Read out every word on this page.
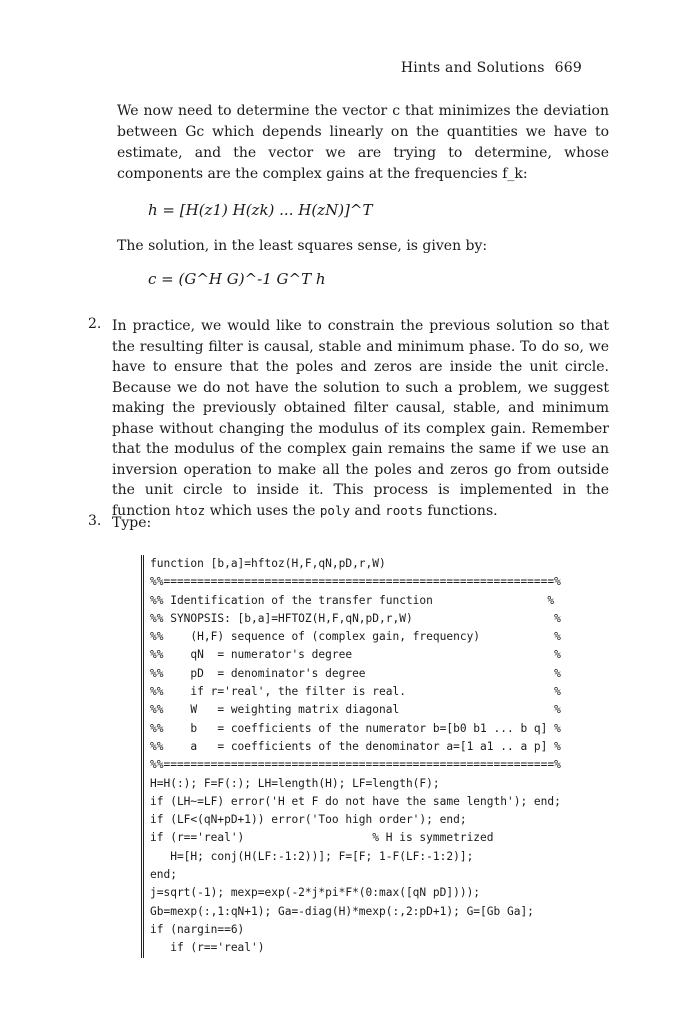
Hints and Solutions 669
We now need to determine the vector c that minimizes the deviation between Gc which depends linearly on the quantities we have to estimate, and the vector we are trying to determine, whose components are the complex gains at the frequencies f_k:
h = [H(z1) H(zk) ... H(zN)]^T
The solution, in the least squares sense, is given by:
c = (G^H G)^-1 G^T h
2. In practice, we would like to constrain the previous solution so that the resulting filter is causal, stable and minimum phase. To do so, we have to ensure that the poles and zeros are inside the unit circle. Because we do not have the solution to such a problem, we suggest making the previously obtained filter causal, stable, and minimum phase without changing the modulus of its complex gain. Remember that the modulus of the complex gain remains the same if we use an inversion operation to make all the poles and zeros go from outside the unit circle to inside it. This process is implemented in the function htoz which uses the poly and roots functions.
3. Type:
function [b,a]=hftoz(H,F,qN,pD,r,W)
%%==========================================================%
%% Identification of the transfer function                 %
%% SYNOPSIS: [b,a]=HFTOZ(H,F,qN,pD,r,W)                     %
%%    (H,F) sequence of (complex gain, frequency)           %
%%    qN  = numerator's degree                              %
%%    pD  = denominator's degree                            %
%%    if r='real', the filter is real.                      %
%%    W   = weighting matrix diagonal                       %
%%    b   = coefficients of the numerator b=[b0 b1 ... b q] %
%%    a   = coefficients of the denominator a=[1 a1 .. a p] %
%%==========================================================%
H=H(:); F=F(:); LH=length(H); LF=length(F);
if (LH~=LF) error('H et F do not have the same length'); end;
if (LF<(qN+pD+1)) error('Too high order'); end;
if (r=='real')                   % H is symmetrized
H=[H; conj(H(LF:-1:2))]; F=[F; 1-F(LF:-1:2)];
end;
j=sqrt(-1); mexp=exp(-2*j*pi*F*(0:max([qN pD])));
Gb=mexp(:,1:qN+1); Ga=-diag(H)*mexp(:,2:pD+1); G=[Gb Ga];
if (nargin==6)
if (r=='real')
